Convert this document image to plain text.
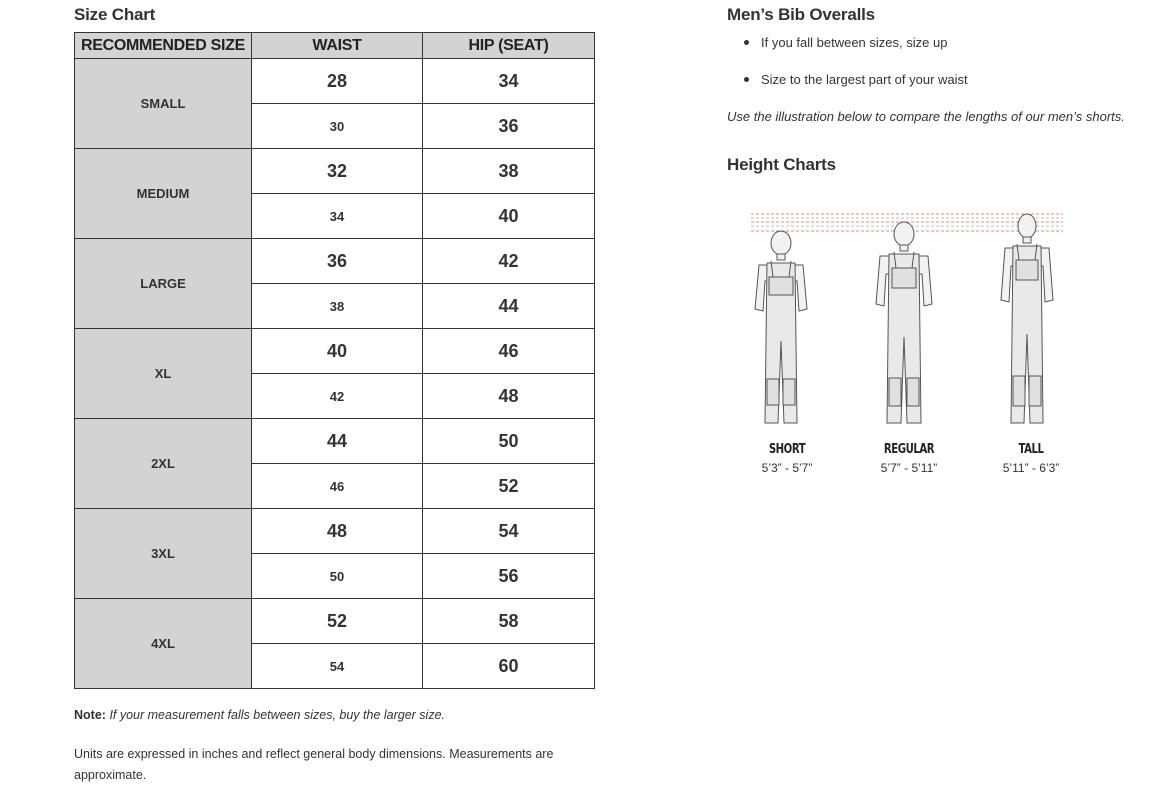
Size Chart
RECOMMENDED SIZE	WAIST	HIP (SEAT)
SMALL	28	34
	30	36
MEDIUM	32	38
	34	40
LARGE	36	42
	38	44
XL	40	46
	42	48
2XL	44	50
	46	52
3XL	48	54
	50	56
4XL	52	58
	54	60
Note: If your measurement falls between sizes, buy the larger size.
Units are expressed in inches and reflect general body dimensions. Measurements are approximate.
Men’s Bib Overalls
If you fall between sizes, size up
Size to the largest part of your waist
Use the illustration below to compare the lengths of our men’s shorts.
Height Charts
SHORT
5’3” - 5’7”
REGULAR
5’7” - 5’11”
TALL
5’11” - 6’3”
